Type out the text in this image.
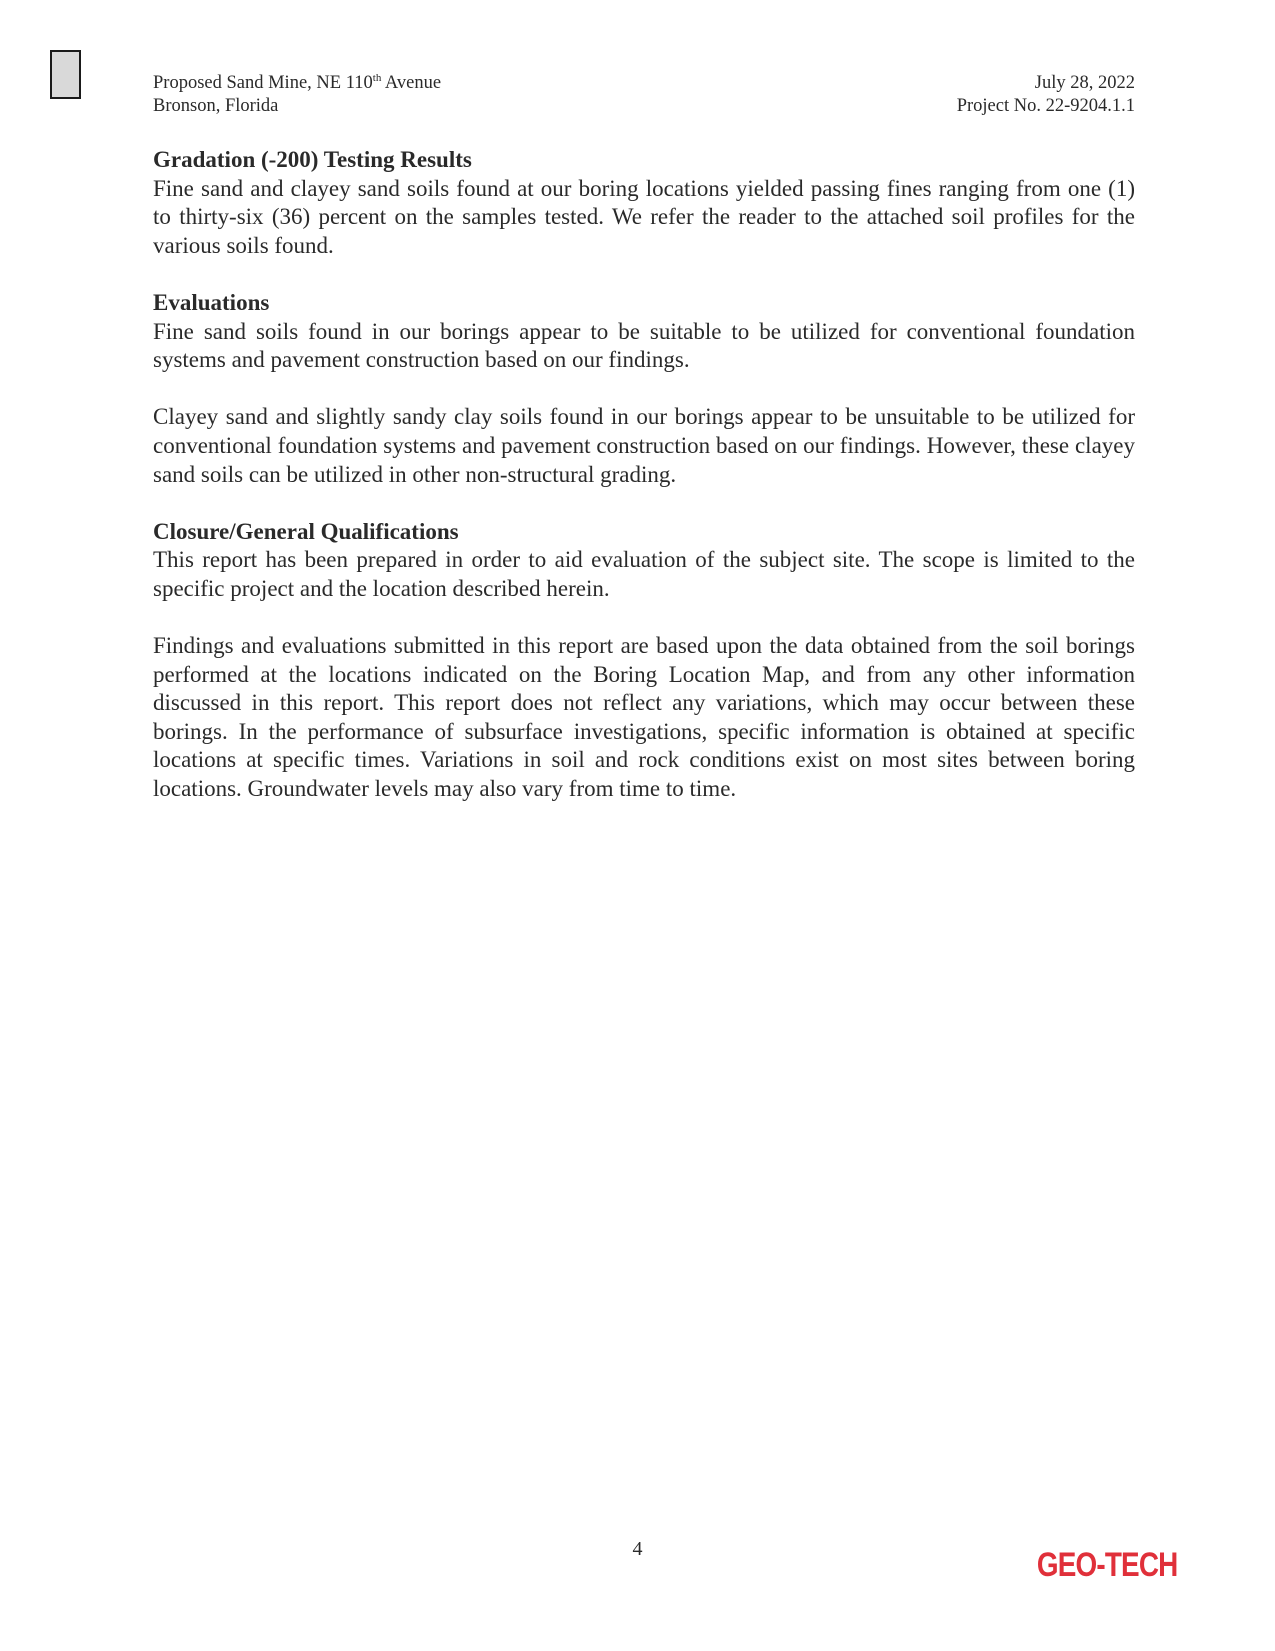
Proposed Sand Mine, NE 110th Avenue
Bronson, Florida
July 28, 2022
Project No. 22-9204.1.1

Gradation (-200) Testing Results

Fine sand and clayey sand soils found at our boring locations yielded passing fines ranging from one (1) to thirty-six (36) percent on the samples tested. We refer the reader to the attached soil profiles for the various soils found.

Evaluations

Fine sand soils found in our borings appear to be suitable to be utilized for conventional foundation systems and pavement construction based on our findings.

Clayey sand and slightly sandy clay soils found in our borings appear to be unsuitable to be utilized for conventional foundation systems and pavement construction based on our findings. However, these clayey sand soils can be utilized in other non-structural grading.

Closure/General Qualifications

This report has been prepared in order to aid evaluation of the subject site. The scope is limited to the specific project and the location described herein.

Findings and evaluations submitted in this report are based upon the data obtained from the soil borings performed at the locations indicated on the Boring Location Map, and from any other information discussed in this report. This report does not reflect any variations, which may occur between these borings. In the performance of subsurface investigations, specific information is obtained at specific locations at specific times. Variations in soil and rock conditions exist on most sites between boring locations. Groundwater levels may also vary from time to time.

4	GEO-TECH
